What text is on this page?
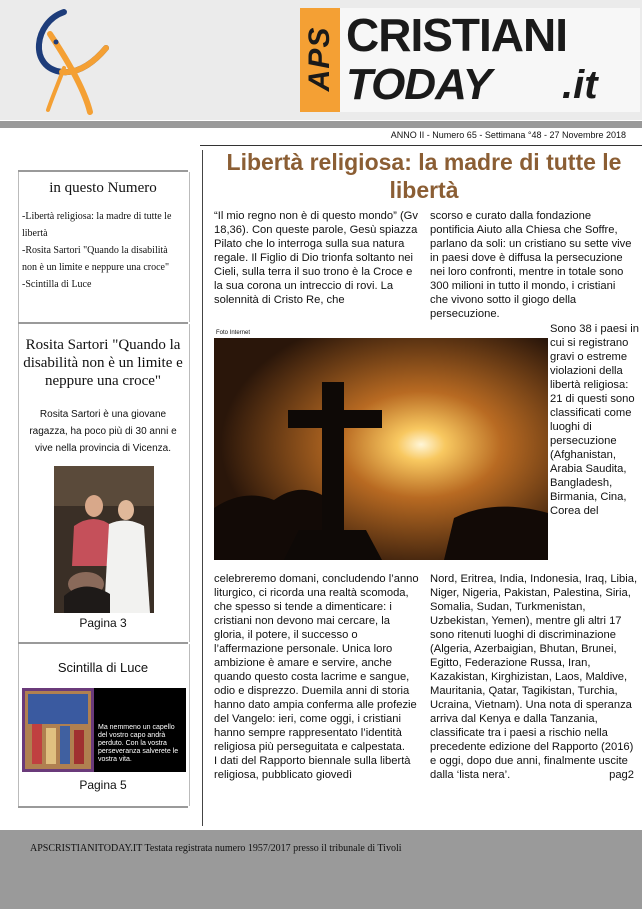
APS CRISTIANI
TODAY .it
ANNO II - Numero 65 - Settimana °48 - 27 Novembre 2018
in questo Numero
-Libertà religiosa: la madre di tutte le libertà
-Rosita Sartori "Quando la disabilità non è un limite e neppure una croce"
-Scintilla di Luce
Rosita Sartori "Quando la disabilità non è un limite e neppure una croce"
Rosita Sartori è una giovane ragazza, ha poco più di 30 anni e vive nella provincia di Vicenza.
Pagina 3
Scintilla di Luce
Ma nemmeno un capello del vostro capo andrà perduto. Con la vostra perseveranza salverete le vostra vita.
Pagina 5
Libertà religiosa: la madre di tutte le libertà

“Il mio regno non è di questo mondo” (Gv 18,36). Con queste parole, Gesù spiazza Pilato che lo interroga sulla sua natura regale. Il Figlio di Dio trionfa soltanto nei Cieli, sulla terra il suo trono è la Croce e la sua corona un intreccio di rovi. La solennità di Cristo Re, che

scorso e curato dalla fondazione pontificia Aiuto alla Chiesa che Soffre, parlano da soli: un cristiano su sette vive in paesi dove è diffusa la persecuzione nei loro confronti, mentre in totale sono 300 milioni in tutto il mondo, i cristiani che vivono sotto il giogo della persecuzione.

Foto Internet	Sono 38 i paesi in cui si registrano gravi o estreme violazioni della libertà religiosa: 21 di questi sono classificati come luoghi di persecuzione (Afghanistan, Arabia Saudita, Bangladesh, Birmania, Cina, Corea del

celebreremo domani, concludendo l’anno liturgico, ci ricorda una realtà scomoda, che spesso si tende a dimenticare: i cristiani non devono mai cercare, la gloria, il potere, il successo o l’affermazione personale. Unica loro ambizione è amare e servire, anche quando questo costa lacrime e sangue, odio e disprezzo. Duemila anni di storia hanno dato ampia conferma alle profezie del Vangelo: ieri, come oggi, i cristiani hanno sempre rappresentato l’identità religiosa più perseguitata e calpestata.
I dati del Rapporto biennale sulla libertà religiosa, pubblicato giovedì

Nord, Eritrea, India, Indonesia, Iraq, Libia, Niger, Nigeria, Pakistan, Palestina, Siria, Somalia, Sudan, Turkmenistan, Uzbekistan, Yemen), mentre gli altri 17 sono ritenuti luoghi di discriminazione (Algeria, Azerbaigian, Bhutan, Brunei, Egitto, Federazione Russa, Iran, Kazakistan, Kirghizistan, Laos, Maldive, Mauritania, Qatar, Tagikistan, Turchia, Ucraina, Vietnam). Una nota di speranza arriva dal Kenya e dalla Tanzania, classificate tra i paesi a rischio nella precedente edizione del Rapporto (2016) e oggi, dopo due anni, finalmente uscite dalla ‘lista nera’.	pag2
APSCRISTIANITODAY.IT Testata registrata numero 1957/2017 presso il tribunale di Tivoli
